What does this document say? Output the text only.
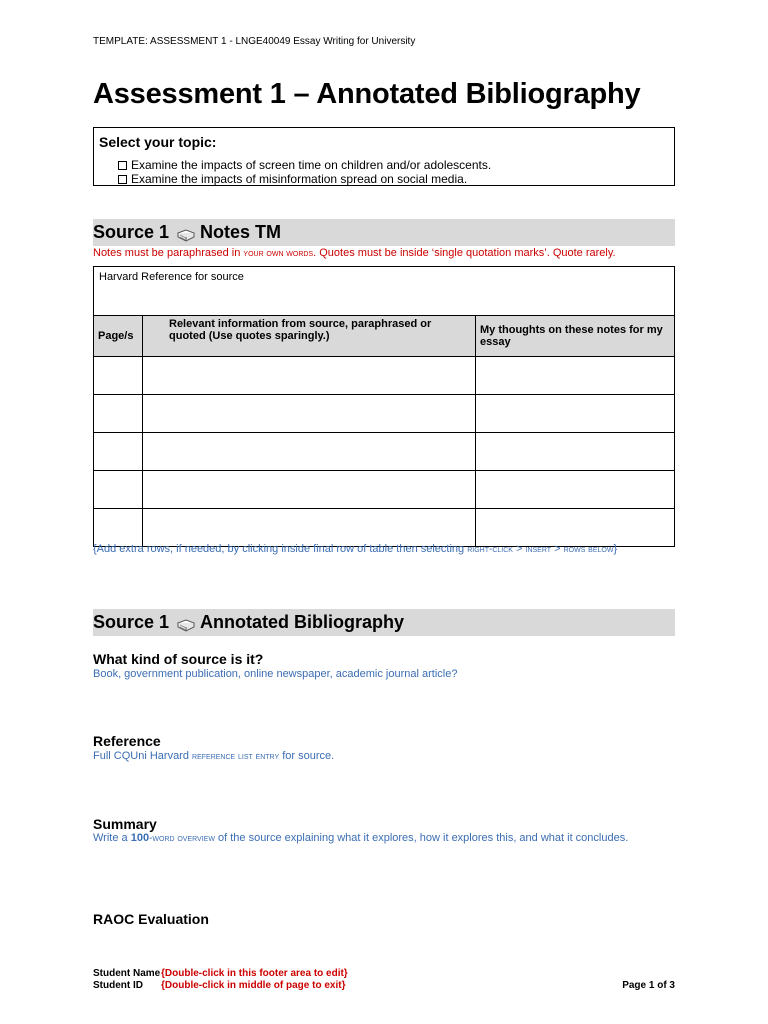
TEMPLATE: ASSESSMENT 1 - LNGE40049 Essay Writing for University
Assessment 1 – Annotated Bibliography
Select your topic:
Examine the impacts of screen time on children and/or adolescents.
Examine the impacts of misinformation spread on social media.
Source 1 Notes TM
Notes must be paraphrased in your own words. Quotes must be inside ‘single quotation marks’. Quote rarely.
Harvard Reference for source		
Page/s	Relevant information from source, paraphrased or quoted (Use quotes sparingly.)	My thoughts on these notes for my essay

{Add extra rows, if needed, by clicking inside final row of table then selecting right-click > insert > rows below}
Source 1 Annotated Bibliography
What kind of source is it?
Book, government publication, online newspaper, academic journal article?
Reference
Full CQUni Harvard reference list entry for source.
Summary
Write a 100-word overview of the source explaining what it explores, how it explores this, and what it concludes.
RAOC Evaluation
Student Name {Double-click in this footer area to edit}
Student ID {Double-click in middle of page to exit}	Page 1 of 3
